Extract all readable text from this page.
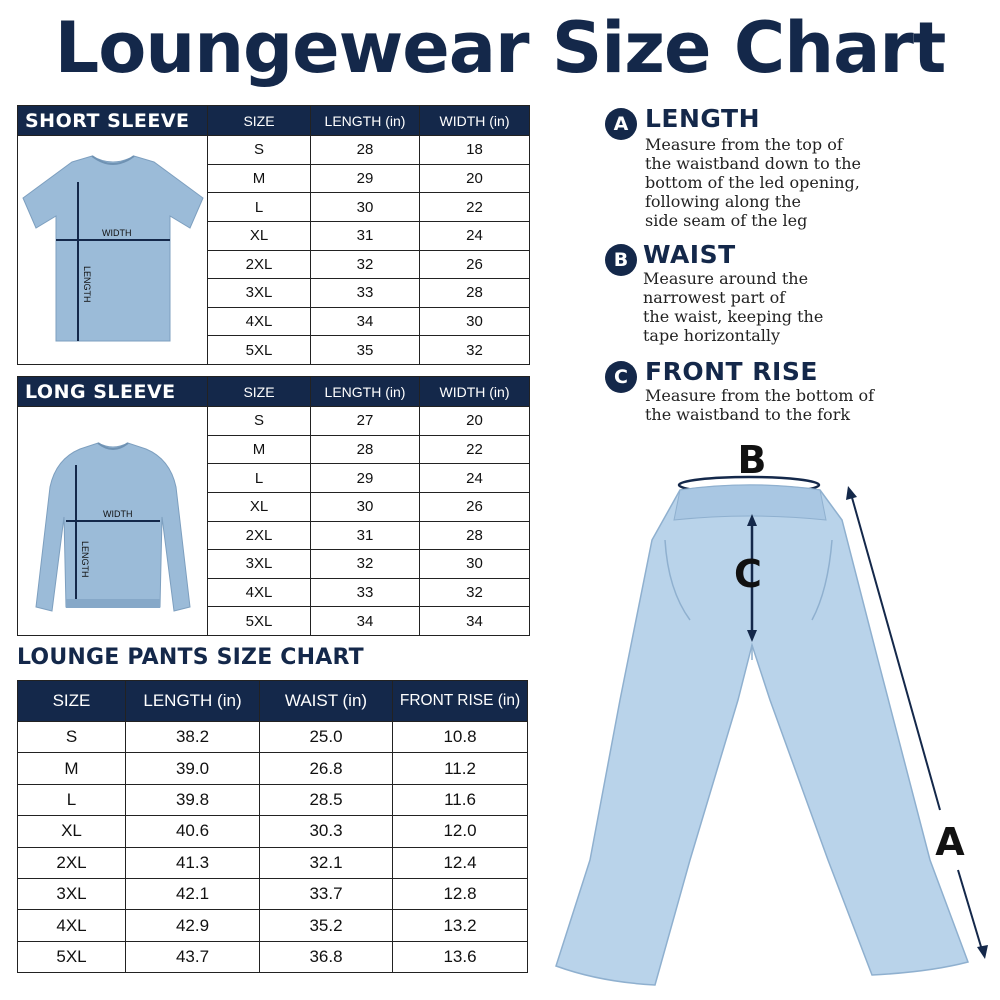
Loungewear Size Chart
SHORT SLEEVE	SIZE	LENGTH (in)	WIDTH (in)

WIDTH
LENGTH	S	28	18
	M	29	20
	L	30	22
	XL	31	24
	2XL	32	26
	3XL	33	28
	4XL	34	30
	5XL	35	32
LONG SLEEVE	SIZE	LENGTH (in)	WIDTH (in)

WIDTH
LENGTH	S	27	20
	M	28	22
	L	29	24
	XL	30	26
	2XL	31	28
	3XL	32	30
	4XL	33	32
	5XL	34	34
LOUNGE PANTS SIZE CHART
SIZE	LENGTH (in)	WAIST (in)	FRONT RISE (in)
S	38.2	25.0	10.8
M	39.0	26.8	11.2
L	39.8	28.5	11.6
XL	40.6	30.3	12.0
2XL	41.3	32.1	12.4
3XL	42.1	33.7	12.8
4XL	42.9	35.2	13.2
5XL	43.7	36.8	13.6
A LENGTH
Measure from the top of
the waistband down to the
bottom of the led opening,
following along the
side seam of the leg
B WAIST
Measure around the
narrowest part of
the waist, keeping the
tape horizontally
C FRONT RISE
Measure from the bottom of
the waistband to the fork
B
C
A
